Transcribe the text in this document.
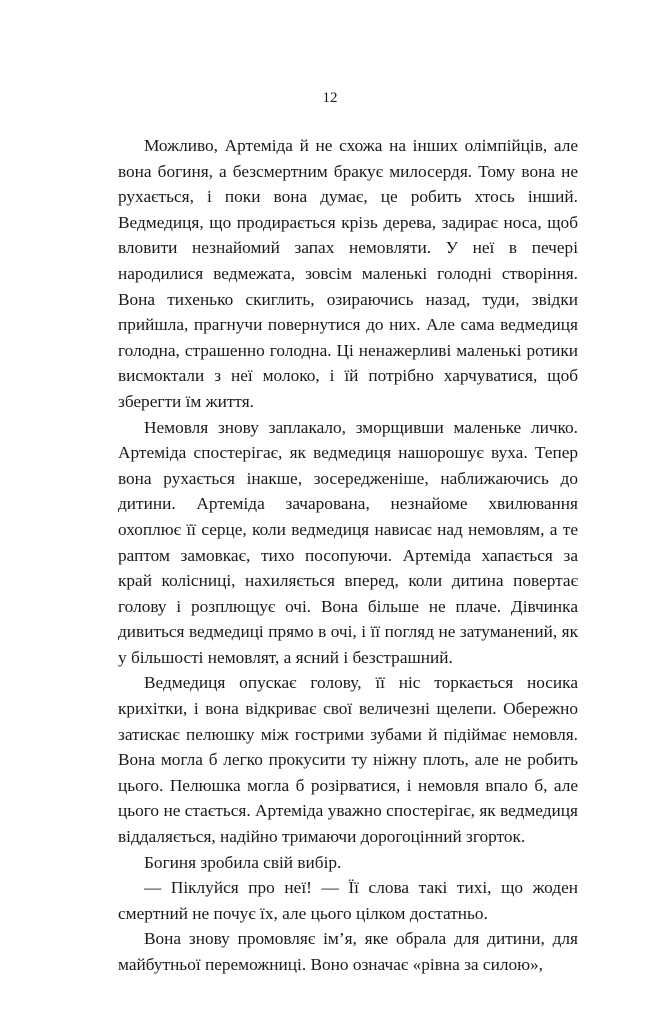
12

Можливо, Артеміда й не схожа на інших олімпійців, але вона богиня, а безсмертним бракує милосердя. Тому вона не рухається, і поки вона думає, це робить хтось інший. Ведмедиця, що продирається крізь дерева, задирає носа, щоб вловити незнайомий запах немовляти. У неї в печері народилися ведмежата, зовсім маленькі голодні створіння. Вона тихенько скиглить, озираючись назад, туди, звідки прийшла, прагнучи повернутися до них. Але сама ведмедиця голодна, страшенно голодна. Ці ненажерливі маленькі ротики висмоктали з неї молоко, і їй потрібно харчуватися, щоб зберегти їм життя.

Немовля знову заплакало, зморщивши маленьке личко. Артеміда спостерігає, як ведмедиця нашорошує вуха. Тепер вона рухається інакше, зосередженіше, наближаючись до дитини. Артеміда зачарована, незнайоме хвилювання охоплює її серце, коли ведмедиця нависає над немовлям, а те раптом замовкає, тихо посопуючи. Артеміда хапається за край колісниці, нахиляється вперед, коли дитина повертає голову і розплющує очі. Вона більше не плаче. Дівчинка дивиться ведмедиці прямо в очі, і її погляд не затуманений, як у більшості немовлят, а ясний і безстрашний.

Ведмедиця опускає голову, її ніс торкається носика крихітки, і вона відкриває свої величезні щелепи. Обережно затискає пелюшку між гострими зубами й підіймає немовля. Вона могла б легко прокусити ту ніжну плоть, але не робить цього. Пелюшка могла б розірватися, і немовля впало б, але цього не стається. Артеміда уважно спостерігає, як ведмедиця віддаляється, надійно тримаючи дорогоцінний згорток.

Богиня зробила свій вибір.

— Піклуйся про неї! — Її слова такі тихі, що жоден смертний не почує їх, але цього цілком достатньо.

Вона знову промовляє ім’я, яке обрала для дитини, для майбутньої переможниці. Воно означає «рівна за силою»,
